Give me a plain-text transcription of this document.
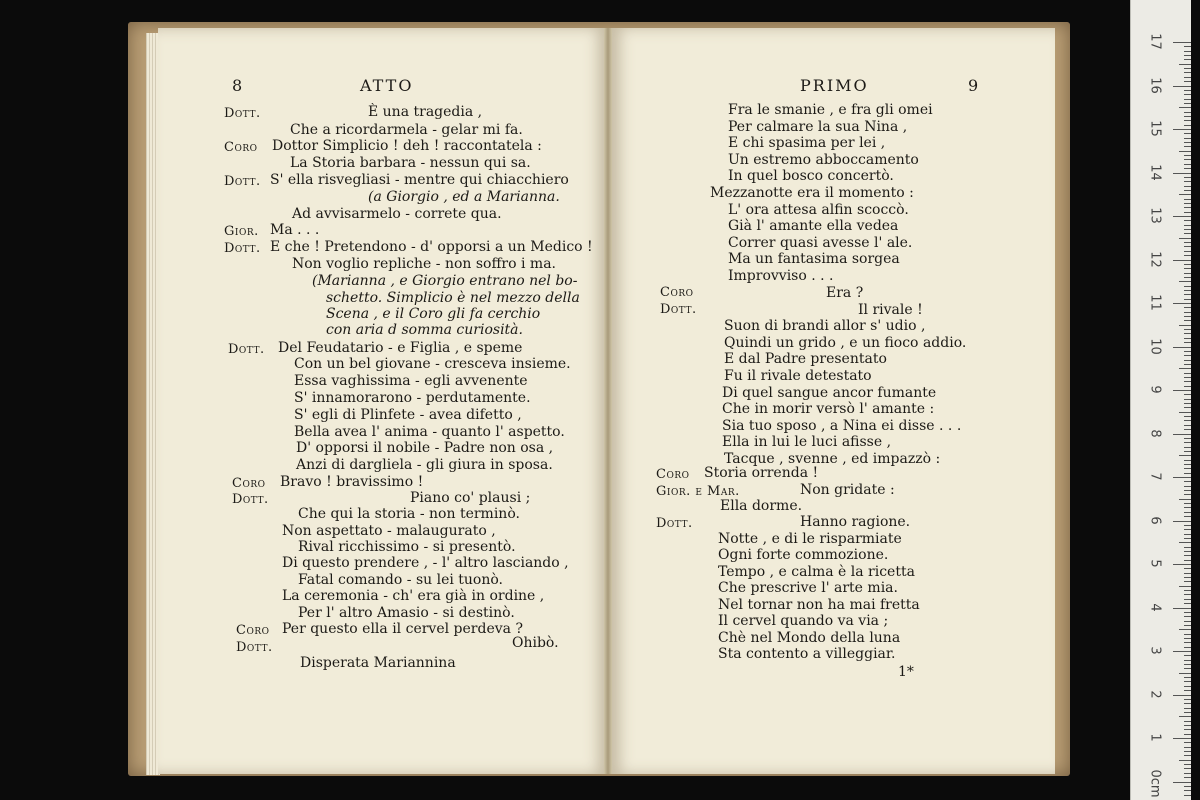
17
16
15
14
13
12
11
10
9
8
7
6
5
4
3
2
1
0cm
8	ATTO
Dott.	È una tragedia ,
Che a ricordarmela - gelar mi fa.
Coro Dottor Simplicio ! deh ! raccontatela :
La Storia barbara - nessun qui sa.
Dott. S' ella risvegliasi - mentre qui chiacchiero
(a Giorgio , ed a Marianna.
Ad avvisarmelo - correte qua.
Gior. Ma . . .
Dott. E che ! Pretendono - d' opporsi a un Medico !
Non voglio repliche - non soffro i ma.
(Marianna , e Giorgio entrano nel bo-
schetto. Simplicio è nel mezzo della
Scena , e il Coro gli fa cerchio
con aria d somma curiosità.
Dott. Del Feudatario - e Figlia , e speme
Con un bel giovane - cresceva insieme.
Essa vaghissima - egli avvenente
S' innamorarono - perdutamente.
S' egli di Plinfete - avea difetto ,
Bella avea l' anima - quanto l' aspetto.
D' opporsi il nobile - Padre non osa ,
Anzi di dargliela - gli giura in sposa.
Coro Bravo ! bravissimo !
Dott.	Piano co' plausi ;
Che qui la storia - non terminò.
Non aspettato - malaugurato ,
Rival ricchissimo - si presentò.
Di questo prendere , - l' altro lasciando ,
Fatal comando - su lei tuonò.
La ceremonia - ch' era già in ordine ,
Per l' altro Amasio - si destinò.
Coro Per questo ella il cervel perdeva ?
Dott.	Ohibò.
Disperata Mariannina
PRIMO	9
Fra le smanie , e fra gli omei
Per calmare la sua Nina ,
E chi spasima per lei ,
Un estremo abboccamento
In quel bosco concertò.
Mezzanotte era il momento :
L' ora attesa alfin scoccò.
Già l' amante ella vedea
Correr quasi avesse l' ale.
Ma un fantasima sorgea
Improvviso . . .
Coro	Era ?
Dott.	Il rivale !
Suon di brandi allor s' udio ,
Quindi un grido , e un fioco addio.
E dal Padre presentato
Fu il rivale detestato
Di quel sangue ancor fumante
Che in morir versò l' amante :
Sia tuo sposo , a Nina ei disse . . .
Ella in lui le luci afisse ,
Tacque , svenne , ed impazzò :
Coro Storia orrenda !
Gior. e Mar.	Non gridate :
Ella dorme.
Dott.	Hanno ragione.
Notte , e di le risparmiate
Ogni forte commozione.
Tempo , e calma è la ricetta
Che prescrive l' arte mia.
Nel tornar non ha mai fretta
Il cervel quando va via ;
Chè nel Mondo della luna
Sta contento a villeggiar.
1*
